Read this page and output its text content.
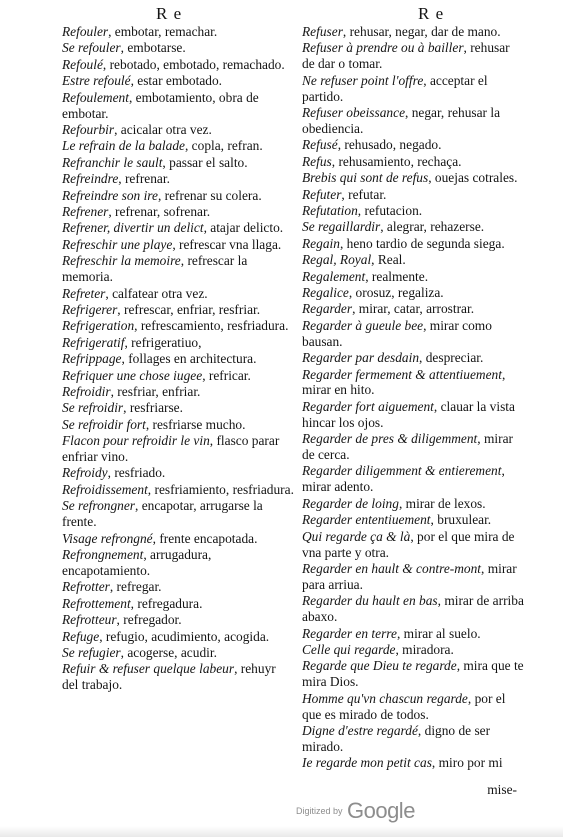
R e	R e
Refouler, embotar, remachar.
Se refouler, embotarse.
Refoulé, rebotado, embotado, remachado.
Estre refoulé, estar embotado.
Refoulement, embotamiento, obra de embotar.
Refourbir, acicalar otra vez.
Le refrain de la balade, copla, refran.
Refranchir le sault, passar el salto.
Refreindre, refrenar.
Refreindre son ire, refrenar su colera.
Refrener, refrenar, sofrenar.
Refrener, divertir un delict, atajar delicto.
Refreschir une playe, refrescar vna llaga.
Refreschir la memoire, refrescar la memoria.
Refreter, calfatear otra vez.
Refrigerer, refrescar, enfriar, resfriar.
Refrigeration, refrescamiento, resfriadura.
Refrigeratif, refrigeratiuo,
Refrippage, follages en architectura.
Refriquer une chose iugee, refricar.
Refroidir, resfriar, enfriar.
Se refroidir, resfriarse.
Se refroidir fort, resfriarse mucho.
Flacon pour refroidir le vin, flasco parar enfriar vino.
Refroidy, resfriado.
Refroidissement, resfriamiento, resfriadura.
Se refrongner, encapotar, arrugarse la frente.
Visage refrongné, frente encapotada.
Refrongnement, arrugadura, encapotamiento.
Refrotter, refregar.
Refrottement, refregadura.
Refrotteur, refregador.
Refuge, refugio, acudimiento, acogida.
Se refugier, acogerse, acudir.
Refuir & refuser quelque labeur, rehuyr del trabajo.
Refuser, rehusar, negar, dar de mano.
Refuser à prendre ou à bailler, rehusar de dar o tomar.
Ne refuser point l'offre, acceptar el partido.
Refuser obeissance, negar, rehusar la obediencia.
Refusé, rehusado, negado.
Refus, rehusamiento, rechaça.
Brebis qui sont de refus, ouejas cotrales.
Refuter, refutar.
Refutation, refutacion.
Se regaillardir, alegrar, rehazerse.
Regain, heno tardio de segunda siega.
Regal, Royal, Real.
Regalement, realmente.
Regalice, orosuz, regaliza.
Regarder, mirar, catar, arrostrar.
Regarder à gueule bee, mirar como bausan.
Regarder par desdain, despreciar.
Regarder fermement & attentiuement, mirar en hito.
Regarder fort aiguement, clauar la vista hincar los ojos.
Regarder de pres & diligemment, mirar de cerca.
Regarder diligemment & entierement, mirar adento.
Regarder de loing, mirar de lexos.
Regarder ententiuement, bruxulear.
Qui regarde ça & là, por el que mira de vna parte y otra.
Regarder en hault & contre-mont, mirar para arriua.
Regarder du hault en bas, mirar de arriba abaxo.
Regarder en terre, mirar al suelo.
Celle qui regarde, miradora.
Regarde que Dieu te regarde, mira que te mira Dios.
Homme qu'vn chascun regarde, por el que es mirado de todos.
Digne d'estre regardé, digno de ser mirado.
Ie regarde mon petit cas, miro por mi
mise-
Digitized by Google
